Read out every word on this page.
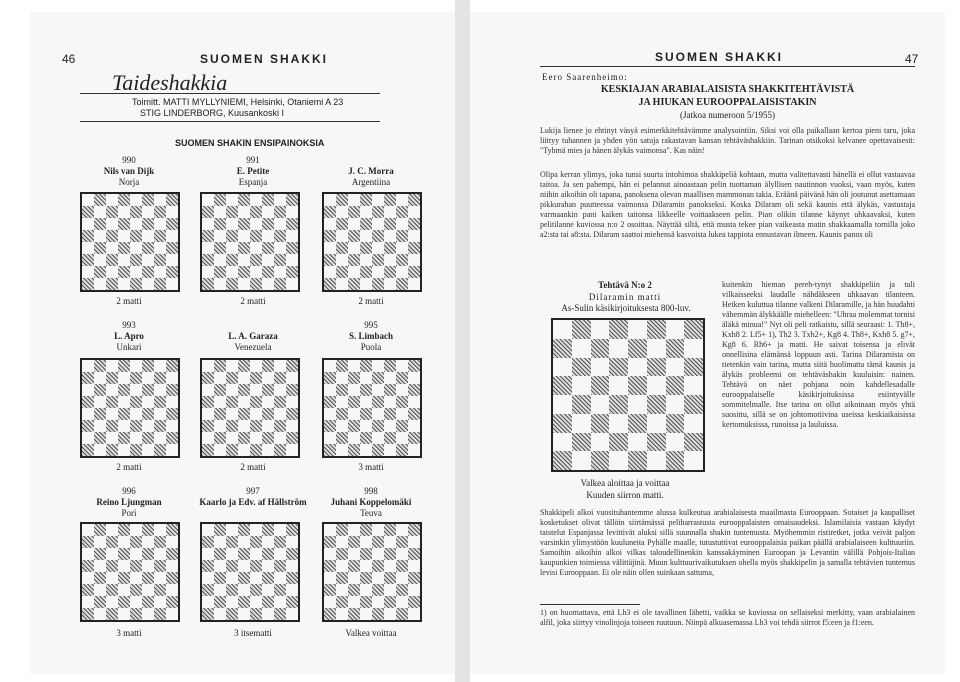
46	SUOMEN SHAKKI
Taideshakkia
Toimitt. MATTI MYLLYNIEMI, Helsinki, Otaniemi A 23
STIG LINDERBORG, Kuusankoski I
SUOMEN SHAKIN ENSIPAINOKSIA
990
Nils van Dijk
Norja
991
E. Petite
Espanja
J. C. Morra
Argentiina
2 matti	2 matti	2 matti
993
L. Apro
Unkari
L. A. Garaza
Venezuela
995
S. Limbach
Puola
2 matti	2 matti	3 matti
996
Reino Ljungman
Pori
997
Kaarlo ja Edv. af Hällström
998
Juhani Koppelomäki
Teuva
3 matti	3 itsematti	Valkea voittaa
SUOMEN SHAKKI	47
Eero Saarenheimo:
KESKIAJAN ARABIALAISISTA SHAKKITEHTÄVISTÄ
JA HIUKAN EUROOPPALAISISTAKIN
(Jatkoa numeroon 5/1955)
Lukija lienee jo ehtinyt väsyä esimerkkitehtävämme analysointiin. Siksi voi olla paikallaan kertoa pieni taru, joka liittyy tuhannen ja yhden yön satuja rakastavan kansan tehtäväshakkiin. Tarinan otsikoksi kelvanee opettavaisesti: "Tyhmä mies ja hänen älykäs vaimonsa". Kas näin!
Olipa kerran ylimys, joka tunsi suurta intohimoa shakkipeliä kohtaan, mutta valitettavasti hänellä ei ollut vastaavaa taitoa. Ja sen pahempi, hän ei pelannut ainoastaan pelin tuottaman älyllisen nautinnon vuoksi, vaan myös, kuten niihin aikoihin oli tapana, panoksena olevan maallisen mammonan takia. Eräänä päivänä hän oli joutunut asettamaan pikkurahan puutteessa vaimonsa Dilaramin panokseksi. Koska Dilaram oli sekä kaunis että älykäs, vastustaja varmaankin pani kaiken taitonsa likkeelle voittaakseen pelin. Pian olikin tilanne käynyt uhkaavaksi, kuten pelitilanne kuviossa n:o 2 osoittaa. Näyttää siltä, että musta tekee pian vaikeasta matin shakkaamalla tornilla joko a2:sta tai a8:sta. Dilaram saattoi miehensä kasvoista lukea tappiota ennustavan ilmeen. Kaunis panos oli
Tehtävä N:o 2
Dilaramin matti
As-Sulin käsikirjoituksesta 800-luv.
Valkea aloittaa ja voittaa
Kuuden siirron matti.
kuitenkin hieman pereh-tynyt shakkipeliin ja tuli vilkaisseeksi laudalle nähdäkseen uhkaavan tilanteen. Hetken kuluttua tilanne valkeni Dilaramille, ja hän huudahti vähemmän älykkäälle miehelleen: "Uhraa molemmat tornisi äläkä minua!" Nyt oli peli ratkaistu, sillä seuraasi: 1. Th8+, Kxh8 2. Lf5+ 1), Th2 3. Txh2+, Kg8 4. Th8+, Kxh8 5. g7+, Kg8 6. Rh6+ ja matti. He saivat toisensa ja elivät onnellisina elämänsä loppuun asti. Tarina Dilaramista on tietenkin vain tarina, mutta siitä huolimatta tämä kaunis ja älykäs probleemi on tehtäväshakin kuuluisin: nainen. Tehtävä on näet pohjana noin kahdellesadalle eurooppalaiselle käsikirjoituksissa esiintyvälle sommitelmalle. Itse tarina on ollut aikoinaan myös yhtä suosittu, sillä se on johtomotiivina useissa keskiaikaisissa kertomuksissa, runoissa ja lauluissa.
Shakkipeli alkoi vuosituhantemme alussa kulkeutua arabialaisesta maailmasta Eurooppaan. Sotaiset ja kaupalliset kosketukset olivat tällöin siirtämässä peliharrastusta eurooppalaisten omaisuudeksi. Islamilaisia vastaan käydyt taistelut Espanjassa levittivät aluksi sillä suunnalla shakin tuntemusta. Myöhemmin ristiretket, jotka veivät paljon varsinkin ylimystöön kuuluneita Pyhälle maalle, tutustuttivat eurooppalaisia paikan päällä arabialaiseen kulttuuriin. Samoihin aikoihin alkoi vilkas taloudellinenkin kanssakäyminen Euroopan ja Levantin välillä Pohjois-Italian kaupunkien toimiessa välittäjinä. Muun kulttuurivaikutuksen ohella myös shakkipelin ja samalla tehtävien tuntemus levisi Eurooppaan. Ei ole näin ollen suinkaan sattuma,
1) on huomattava, että Lh3 ei ole tavallinen lähetti, vaikka se kuviossa on sellaiseksi merkitty, vaan arabialainen alfil, joka siirtyy vinolinjoja toiseen ruutuun. Niinpä alkuasemassa Lh3 voi tehdä siirrot f5:een ja f1:een.
